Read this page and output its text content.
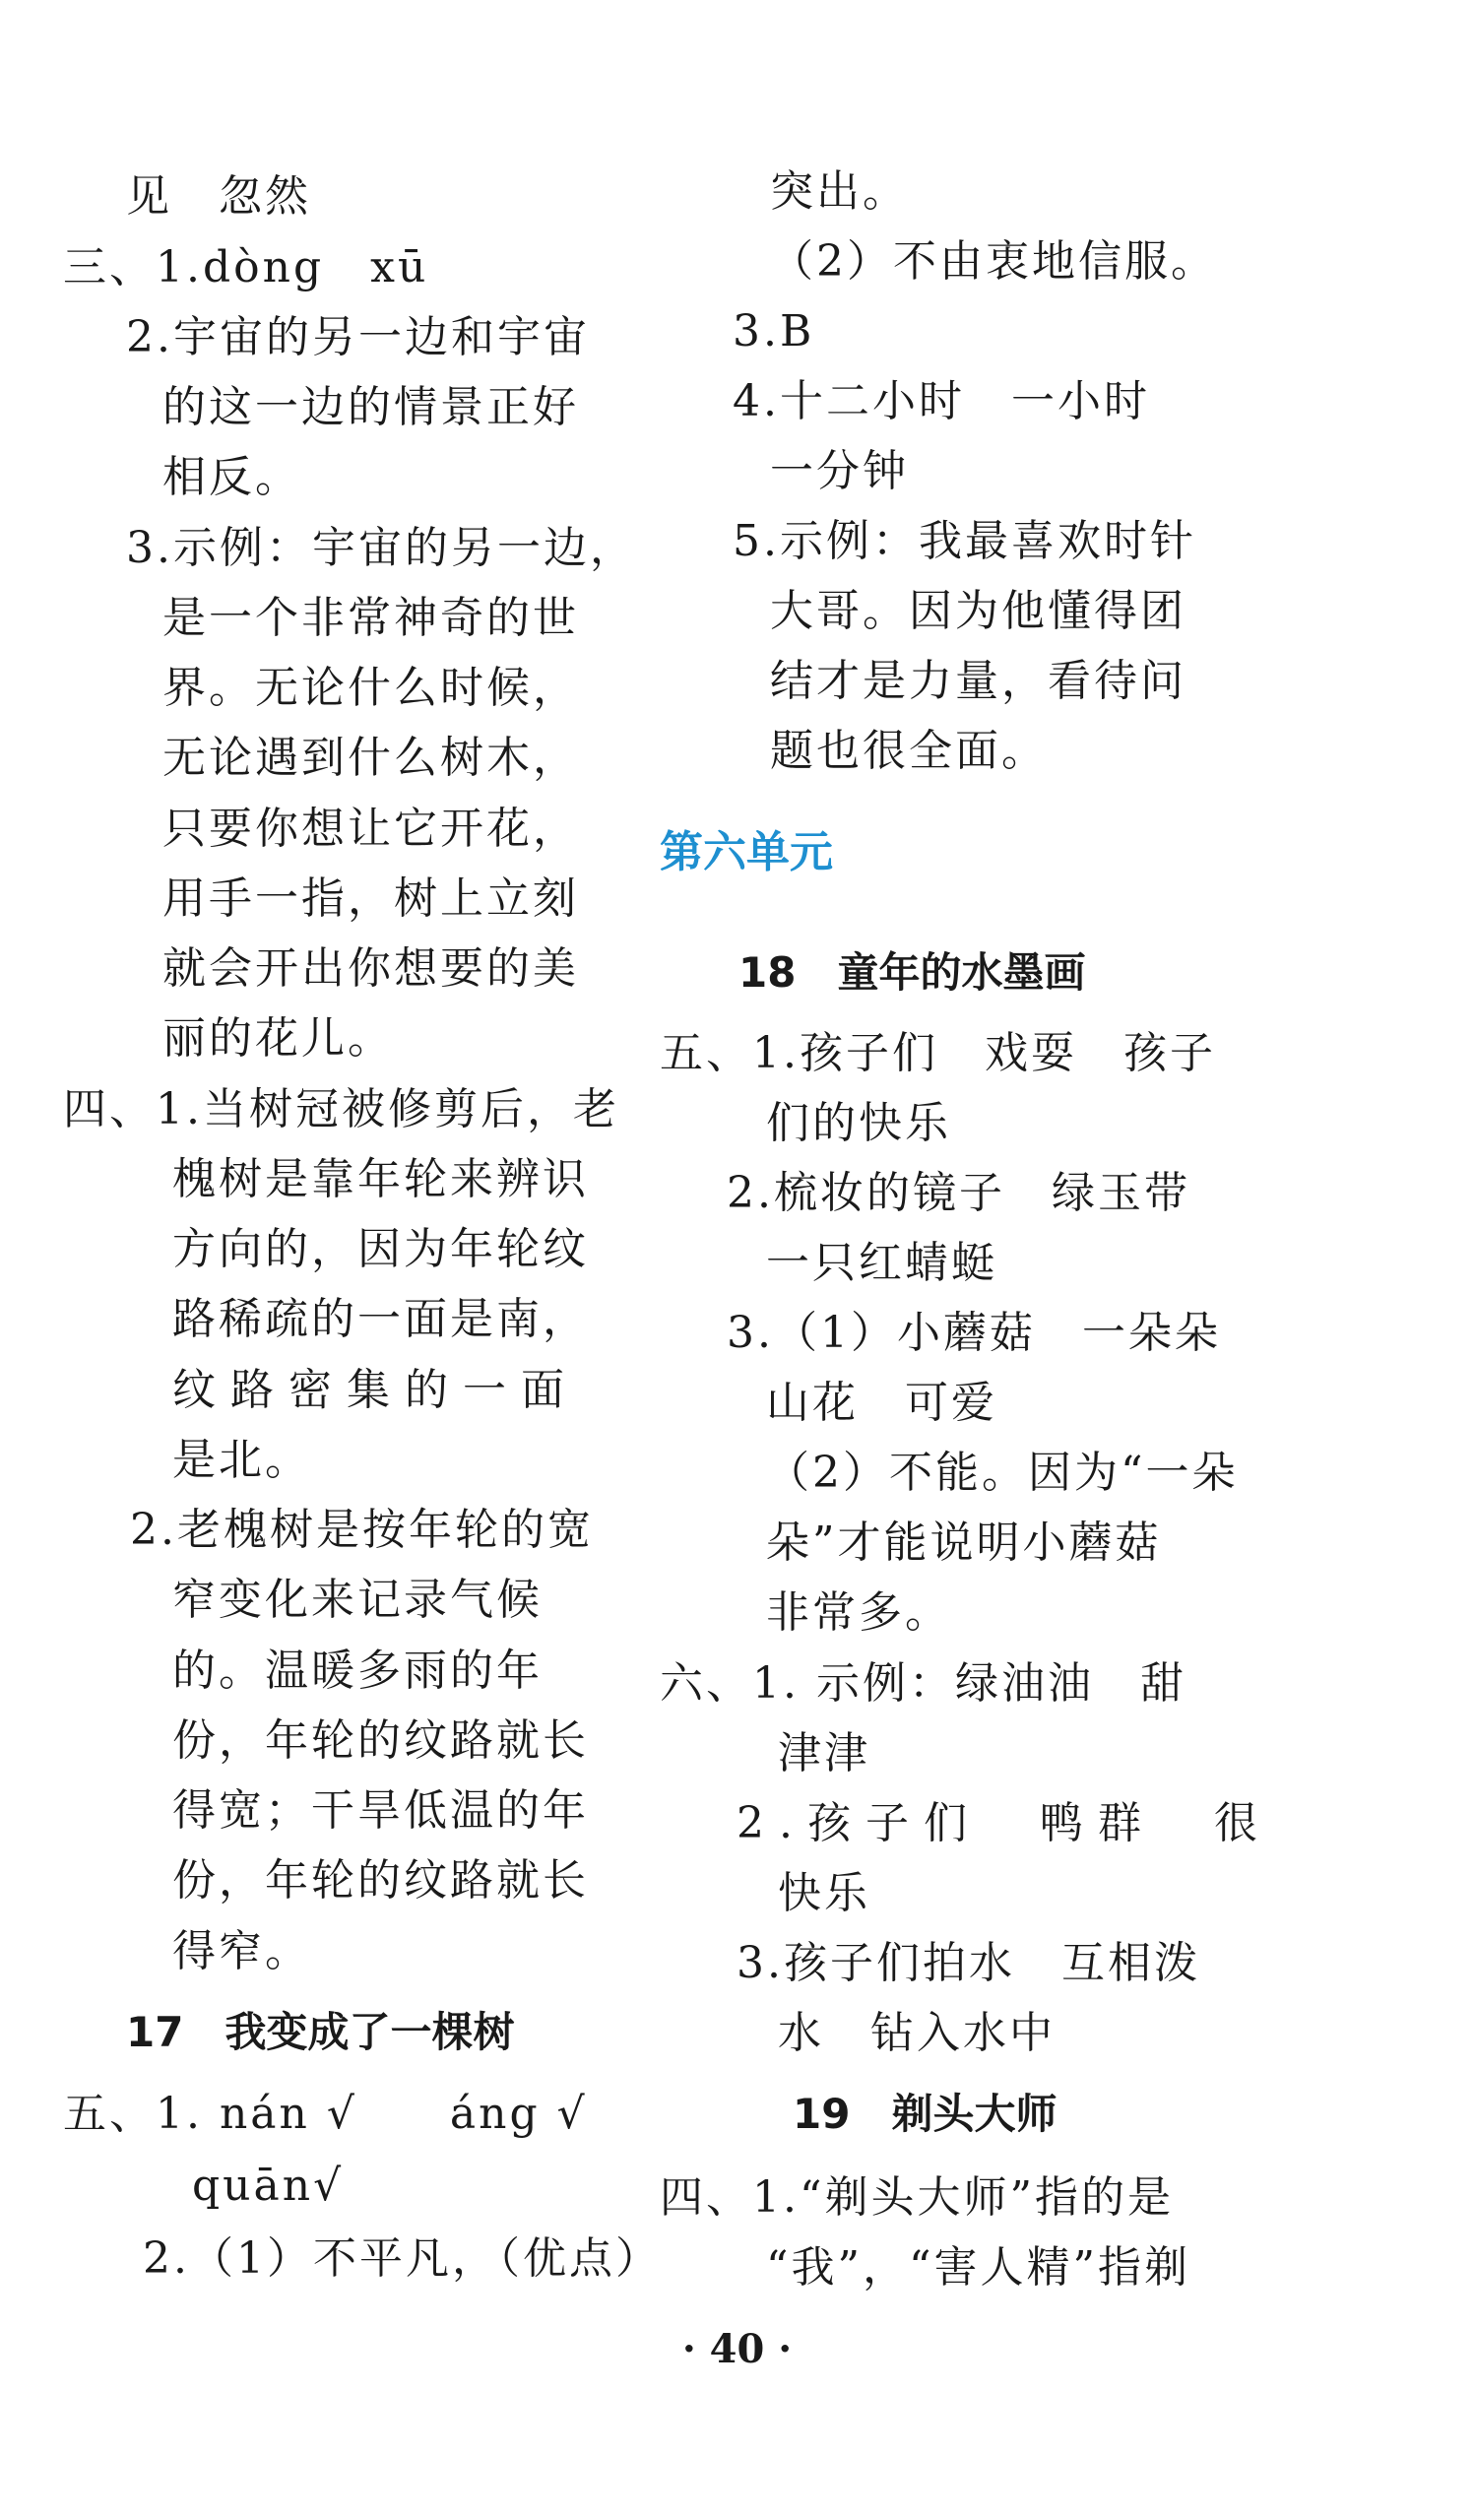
见　忽然
三、1.dòng　xū
2.宇宙的另一边和宇宙
的这一边的情景正好
相反。
3.示例：宇宙的另一边，
是一个非常神奇的世
界。无论什么时候，
无论遇到什么树木，
只要你想让它开花，
用手一指，树上立刻
就会开出你想要的美
丽的花儿。
四、1.当树冠被修剪后，老
槐树是靠年轮来辨识
方向的，因为年轮纹
路稀疏的一面是南，
纹路密集的一面
是北。
2.老槐树是按年轮的宽
窄变化来记录气候
的。温暖多雨的年
份，年轮的纹路就长
得宽；干旱低温的年
份，年轮的纹路就长
得窄。
17　我变成了一棵树
五、1. nán √　　áng √
quān√
2.（1）不平凡，（优点）
突出。
（2）不由衷地信服。
3.B
4.十二小时　一小时
一分钟
5.示例：我最喜欢时针
大哥。因为他懂得团
结才是力量，看待问
题也很全面。
第六单元
18　童年的水墨画
五、1.孩子们　戏耍　孩子
们的快乐
2.梳妆的镜子　绿玉带
一只红蜻蜓
3.（1）小蘑菇　一朵朵
山花　可爱
（2）不能。因为“一朵
朵”才能说明小蘑菇
非常多。
六、1. 示例：绿油油　甜
津津
2.孩子们　鸭群　很
快乐
3.孩子们拍水　互相泼
水　钻入水中
19　剃头大师
四、1.“剃头大师”指的是
“我”，“害人精”指剃
· 40 ·
